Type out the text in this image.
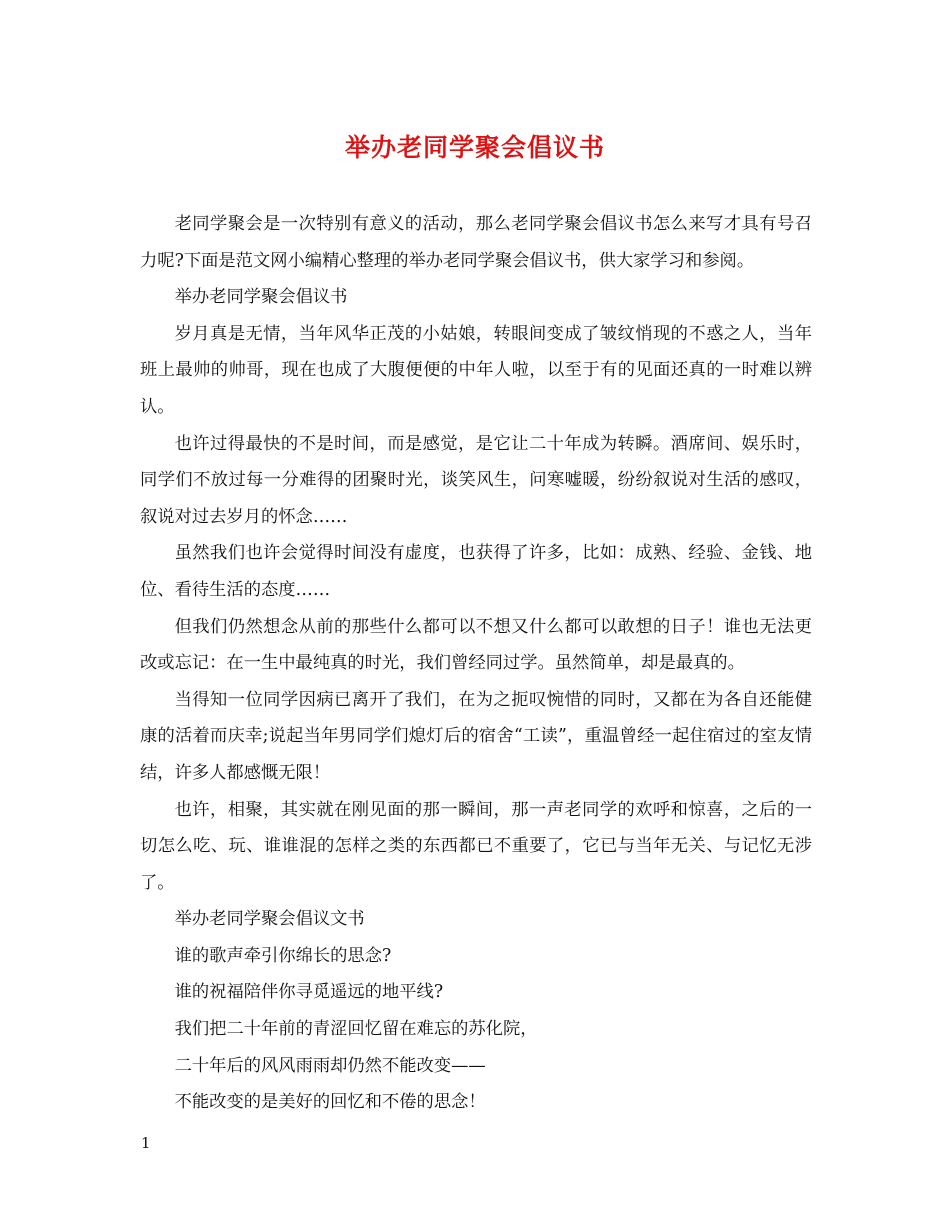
举办老同学聚会倡议书

老同学聚会是一次特别有意义的活动，那么老同学聚会倡议书怎么来写才具有号召力呢?下面是范文网小编精心整理的举办老同学聚会倡议书，供大家学习和参阅。

举办老同学聚会倡议书

岁月真是无情，当年风华正茂的小姑娘，转眼间变成了皱纹悄现的不惑之人，当年班上最帅的帅哥，现在也成了大腹便便的中年人啦，以至于有的见面还真的一时难以辨认。

也许过得最快的不是时间，而是感觉，是它让二十年成为转瞬。酒席间、娱乐时，同学们不放过每一分难得的团聚时光，谈笑风生，问寒嘘暖，纷纷叙说对生活的感叹，叙说对过去岁月的怀念……

虽然我们也许会觉得时间没有虚度，也获得了许多，比如：成熟、经验、金钱、地位、看待生活的态度……

但我们仍然想念从前的那些什么都可以不想又什么都可以敢想的日子！谁也无法更改或忘记：在一生中最纯真的时光，我们曾经同过学。虽然简单，却是最真的。

当得知一位同学因病已离开了我们，在为之扼叹惋惜的同时，又都在为各自还能健康的活着而庆幸;说起当年男同学们熄灯后的宿舍“工读”，重温曾经一起住宿过的室友情结，许多人都感慨无限！

也许，相聚，其实就在刚见面的那一瞬间，那一声老同学的欢呼和惊喜，之后的一切怎么吃、玩、谁谁混的怎样之类的东西都已不重要了，它已与当年无关、与记忆无涉了。

举办老同学聚会倡议文书

谁的歌声牵引你绵长的思念?

谁的祝福陪伴你寻觅遥远的地平线?

我们把二十年前的青涩回忆留在难忘的苏化院，

二十年后的风风雨雨却仍然不能改变——

不能改变的是美好的回忆和不倦的思念！

1
